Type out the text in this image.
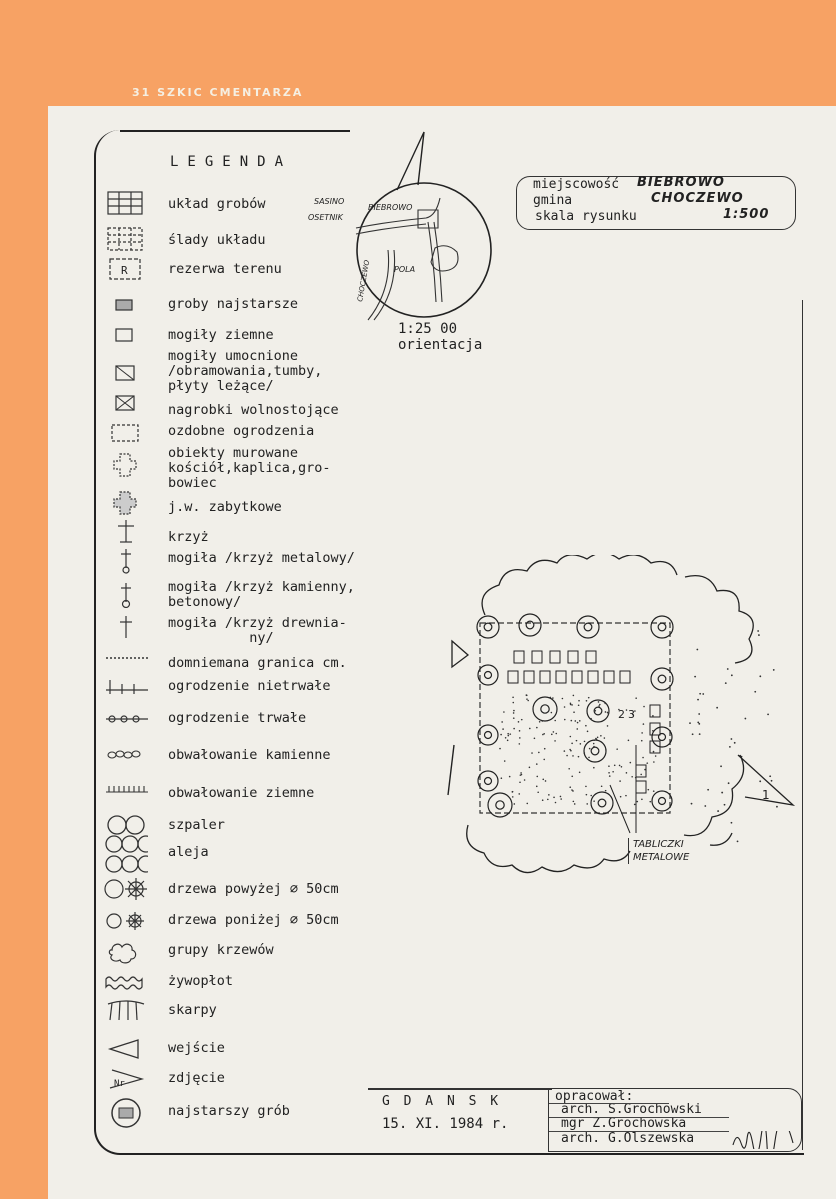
31 SZKIC CMENTARZA
LEGENDA
R
Nr
układ grobów
ślady układu
rezerwa terenu
groby najstarsze
mogiły ziemne
mogiły umocnione
/obramowania,tumby,
płyty leżące/
nagrobki wolnostojące
ozdobne ogrodzenia
obiekty murowane
kościół,kaplica,gro-
bowiec
j.w. zabytkowe
krzyż
mogiła /krzyż metalowy/
mogiła /krzyż kamienny,
betonowy/
mogiła /krzyż drewnia-
ny/
domniemana granica cm.
ogrodzenie nietrwałe
ogrodzenie trwałe
obwałowanie kamienne
obwałowanie ziemne
szpaler
aleja
drzewa powyżej ⌀ 50cm
drzewa poniżej ⌀ 50cm
grupy krzewów
żywopłot
skarpy
wejście
zdjęcie
najstarszy grób
SASINO
OSETNIK
BIEBROWO
POLA
CHOCZEWO
1:25 00
orientacja
miejscowość BIEBROWO
gmina	CHOCZEWO
skala rysunku	1:500
1
2 3
TABLICZKI
METALOWE
G D A N S K
15. XI. 1984 r.
opracował:
arch. S.Grochowski
mgr Z.Grochowska
arch. G.Olszewska
